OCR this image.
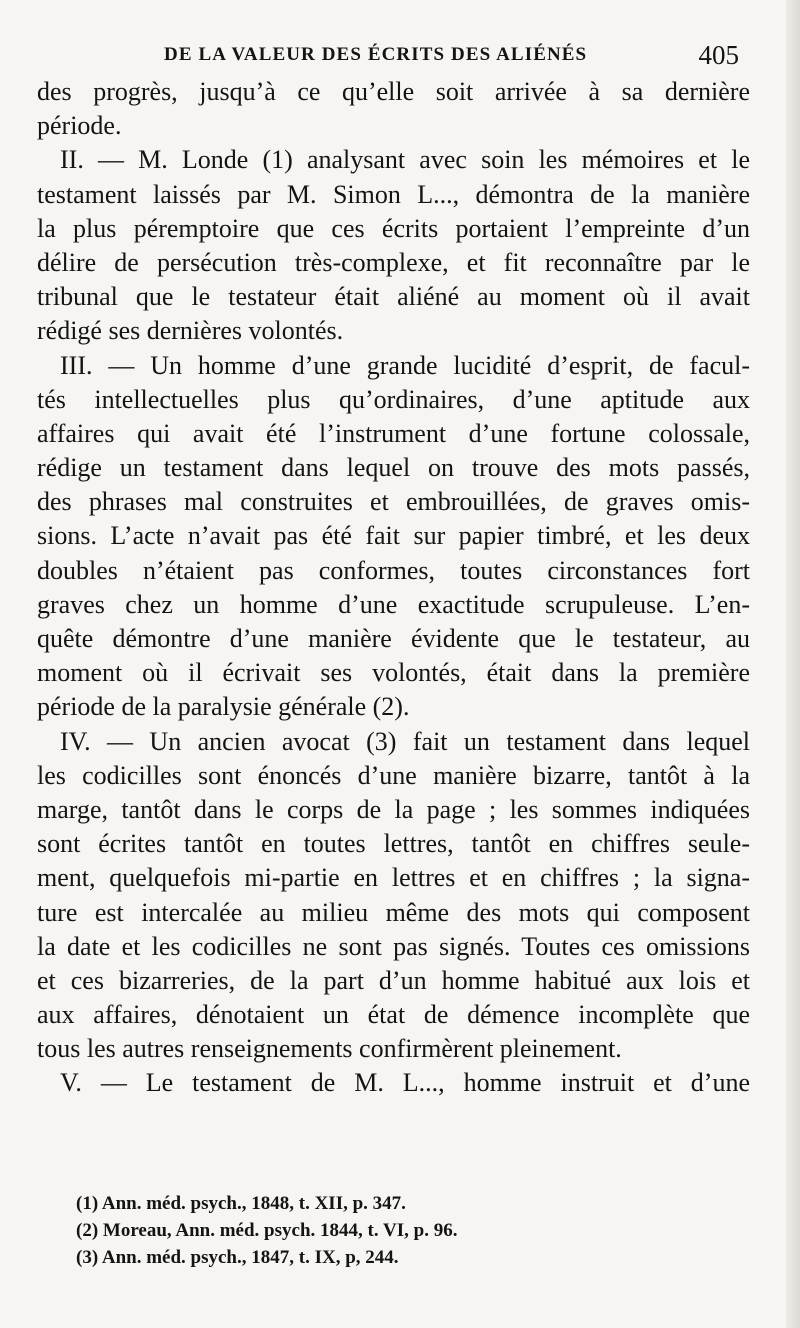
DE LA VALEUR DES ÉCRITS DES ALIÉNÉS	405
des progrès, jusqu’à ce qu’elle soit arrivée à sa dernière
période.
II. — M. Londe (1) analysant avec soin les mémoires et le
testament laissés par M. Simon L..., démontra de la manière
la plus péremptoire que ces écrits portaient l’empreinte d’un
délire de persécution très-complexe, et fit reconnaître par le
tribunal que le testateur était aliéné au moment où il avait
rédigé ses dernières volontés.
III. — Un homme d’une grande lucidité d’esprit, de facul-
tés intellectuelles plus qu’ordinaires, d’une aptitude aux
affaires qui avait été l’instrument d’une fortune colossale,
rédige un testament dans lequel on trouve des mots passés,
des phrases mal construites et embrouillées, de graves omis-
sions. L’acte n’avait pas été fait sur papier timbré, et les deux
doubles n’étaient pas conformes, toutes circonstances fort
graves chez un homme d’une exactitude scrupuleuse. L’en-
quête démontre d’une manière évidente que le testateur, au
moment où il écrivait ses volontés, était dans la première
période de la paralysie générale (2).
IV. — Un ancien avocat (3) fait un testament dans lequel
les codicilles sont énoncés d’une manière bizarre, tantôt à la
marge, tantôt dans le corps de la page ; les sommes indiquées
sont écrites tantôt en toutes lettres, tantôt en chiffres seule-
ment, quelquefois mi-partie en lettres et en chiffres ; la signa-
ture est intercalée au milieu même des mots qui composent
la date et les codicilles ne sont pas signés. Toutes ces omissions
et ces bizarreries, de la part d’un homme habitué aux lois et
aux affaires, dénotaient un état de démence incomplète que
tous les autres renseignements confirmèrent pleinement.
V. — Le testament de M. L..., homme instruit et d’une
(1) Ann. méd. psych., 1848, t. XII, p. 347.
(2) Moreau, Ann. méd. psych. 1844, t. VI, p. 96.
(3) Ann. méd. psych., 1847, t. IX, p, 244.
